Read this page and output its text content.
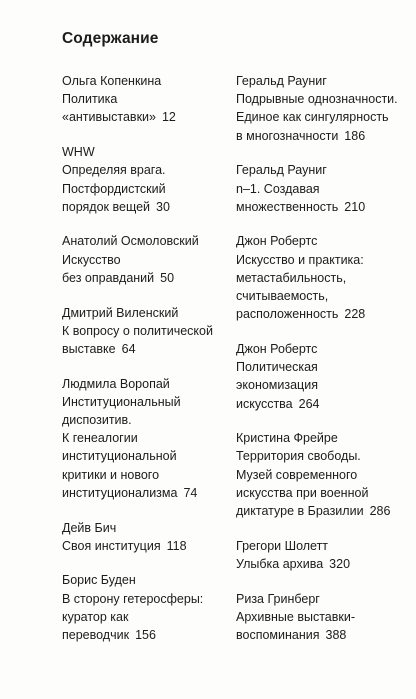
Содержание
Ольга Копенкина
Политика
«антивыставки» 12
WHW
Определяя врага.
Постфордистский
порядок вещей 30
Анатолий Осмоловский
Искусство
без оправданий 50
Дмитрий Виленский
К вопросу о политической
выставке 64
Людмила Воропай
Институциональный
диспозитив.
К генеалогии
институциональной
критики и нового
институционализма 74
Дейв Бич
Своя институция 118
Борис Буден
В сторону гетеросферы:
куратор как
переводчик 156
Геральд Рауниг
Подрывные однозначности.
Единое как сингулярность
в многозначности 186
Геральд Рауниг
n–1. Создавая
множественность 210
Джон Робертс
Искусство и практика:
метастабильность,
считываемость,
расположенность 228
Джон Робертс
Политическая
экономизация
искусства 264
Кристина Фрейре
Территория свободы.
Музей современного
искусства при военной
диктатуре в Бразилии 286
Грегори Шолетт
Улыбка архива 320
Риза Гринберг
Архивные выставки-
воспоминания 388
